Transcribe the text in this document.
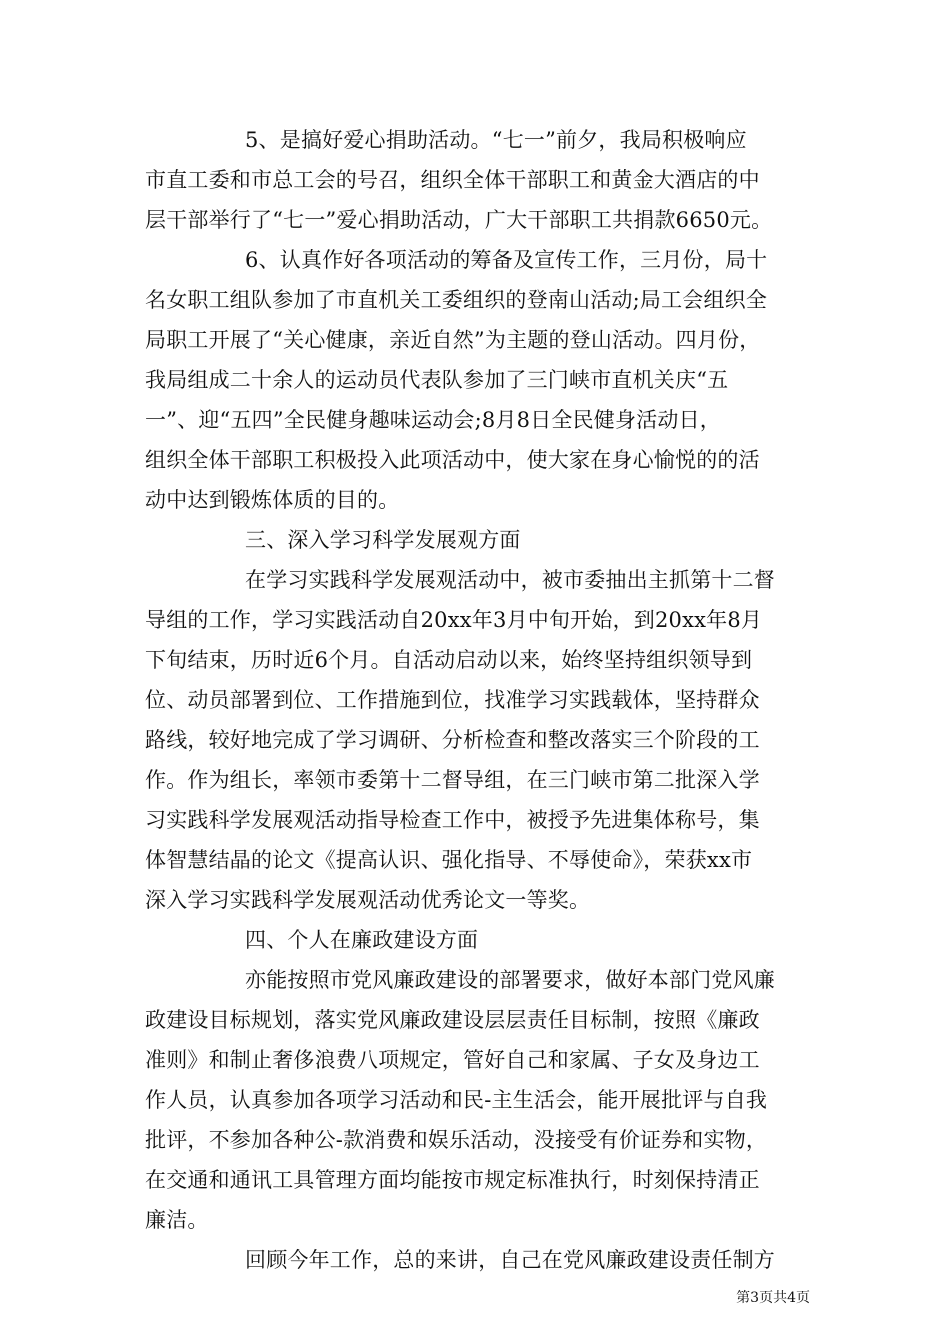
5、是搞好爱心捐助活动。“七一”前夕，我局积极响应
市直工委和市总工会的号召，组织全体干部职工和黄金大酒店的中
层干部举行了“七一”爱心捐助活动，广大干部职工共捐款6650元。
6、认真作好各项活动的筹备及宣传工作，三月份，局十
名女职工组队参加了市直机关工委组织的登南山活动;局工会组织全
局职工开展了“关心健康，亲近自然”为主题的登山活动。四月份，
我局组成二十余人的运动员代表队参加了三门峡市直机关庆“五
一”、迎“五四”全民健身趣味运动会;8月8日全民健身活动日，
组织全体干部职工积极投入此项活动中，使大家在身心愉悦的的活
动中达到锻炼体质的目的。
三、深入学习科学发展观方面
在学习实践科学发展观活动中，被市委抽出主抓第十二督
导组的工作，学习实践活动自20xx年3月中旬开始，到20xx年8月
下旬结束，历时近6个月。自活动启动以来，始终坚持组织领导到
位、动员部署到位、工作措施到位，找准学习实践载体，坚持群众
路线，较好地完成了学习调研、分析检查和整改落实三个阶段的工
作。作为组长，率领市委第十二督导组，在三门峡市第二批深入学
习实践科学发展观活动指导检查工作中，被授予先进集体称号，集
体智慧结晶的论文《提高认识、强化指导、不辱使命》，荣获xx市
深入学习实践科学发展观活动优秀论文一等奖。
四、个人在廉政建设方面
亦能按照市党风廉政建设的部署要求，做好本部门党风廉
政建设目标规划，落实党风廉政建设层层责任目标制，按照《廉政
准则》和制止奢侈浪费八项规定，管好自己和家属、子女及身边工
作人员，认真参加各项学习活动和民-主生活会，能开展批评与自我
批评，不参加各种公-款消费和娱乐活动，没接受有价证券和实物，
在交通和通讯工具管理方面均能按市规定标准执行，时刻保持清正
廉洁。
回顾今年工作，总的来讲，自己在党风廉政建设责任制方
第3页共4页
